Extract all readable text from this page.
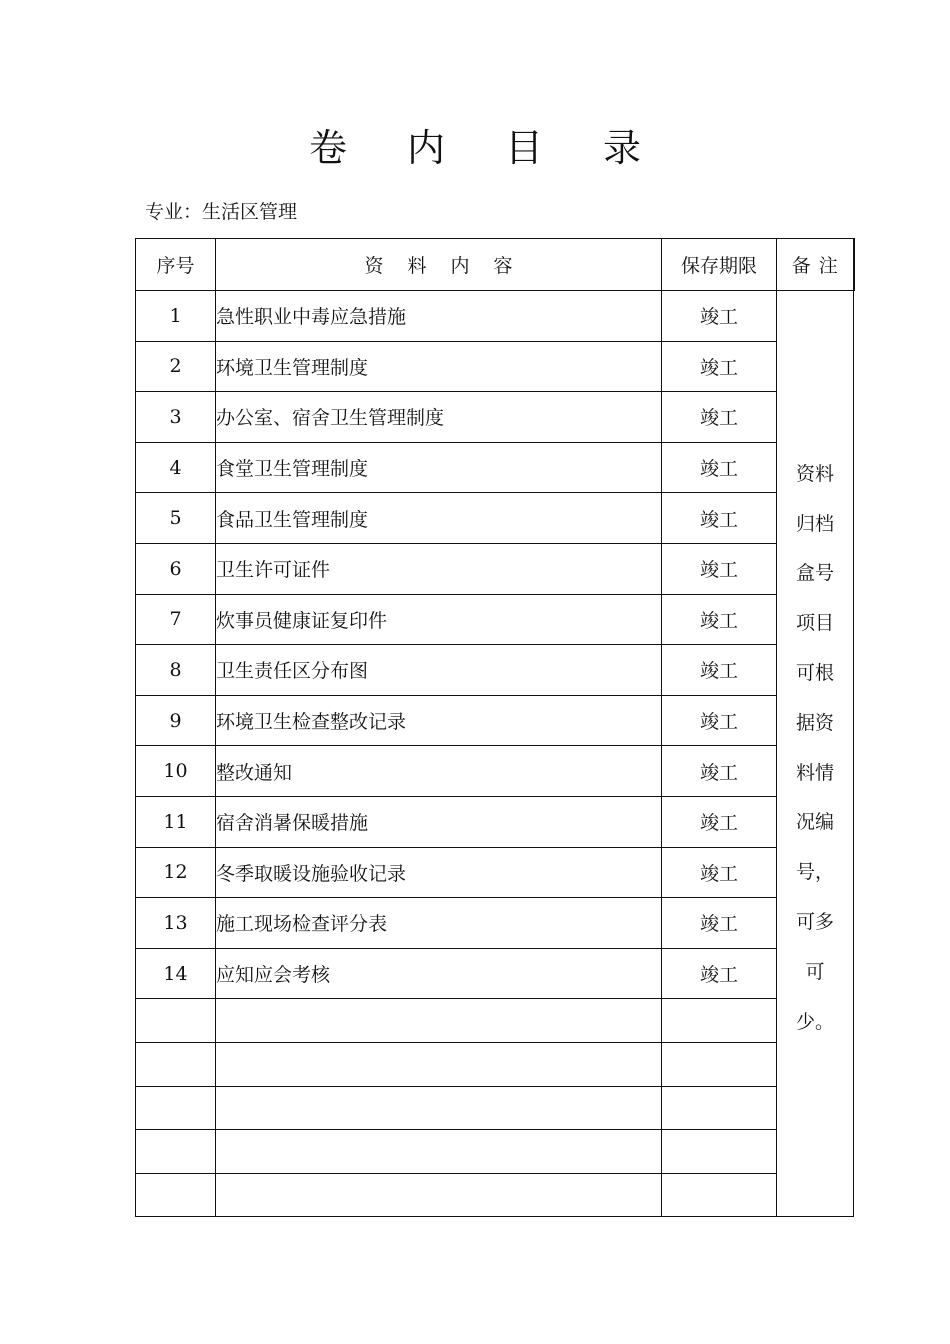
卷 内 目 录
专业：生活区管理
序号	资 料 内 容	保存期限	备 注
1	急性职业中毒应急措施	竣工	资料归档盒号项目可根据资料情况编号，可多可少。
2	环境卫生管理制度	竣工	
3	办公室、宿舍卫生管理制度	竣工	
4	食堂卫生管理制度	竣工	
5	食品卫生管理制度	竣工	
6	卫生许可证件	竣工	
7	炊事员健康证复印件	竣工	
8	卫生责任区分布图	竣工	
9	环境卫生检查整改记录	竣工	
10	整改通知	竣工	
11	宿舍消暑保暖措施	竣工	
12	冬季取暖设施验收记录	竣工	
13	施工现场检查评分表	竣工	
14	应知应会考核	竣工	
